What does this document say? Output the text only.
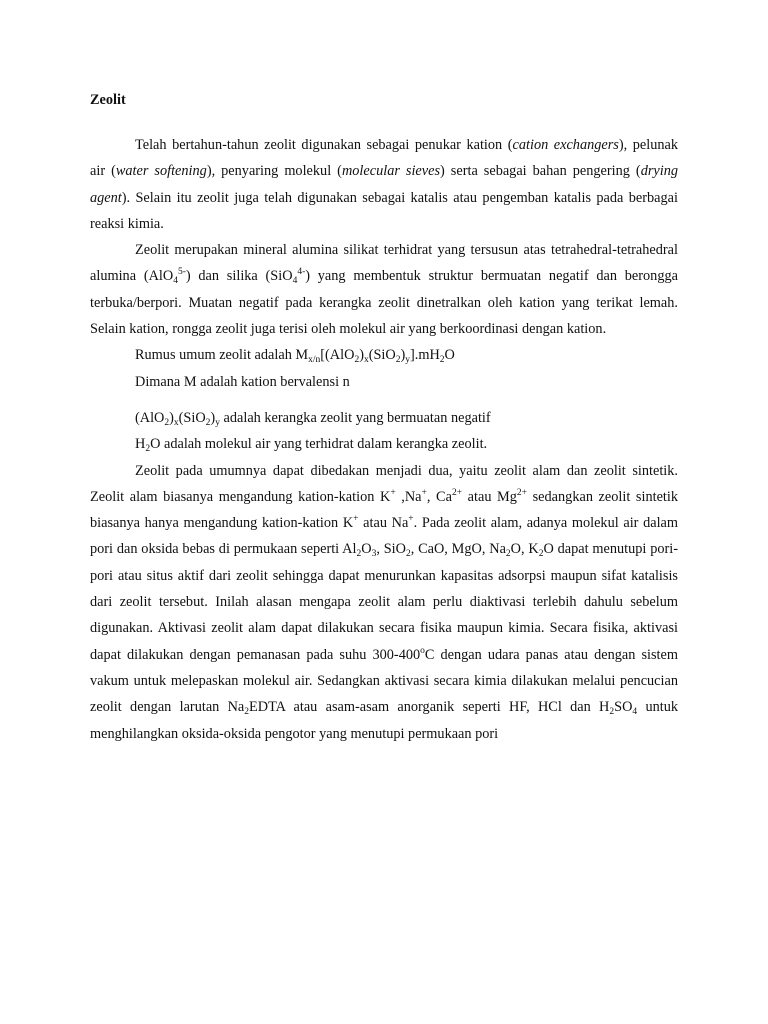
Zeolit

Telah bertahun-tahun zeolit digunakan sebagai penukar kation (cation exchangers), pelunak air (water softening), penyaring molekul (molecular sieves) serta sebagai bahan pengering (drying agent). Selain itu zeolit juga telah digunakan sebagai katalis atau pengemban katalis pada berbagai reaksi kimia.

Zeolit merupakan mineral alumina silikat terhidrat yang tersusun atas tetrahedral-tetrahedral alumina (AlO$_4^{5-}$) dan silika (SiO$_4^{4-}$) yang membentuk struktur bermuatan negatif dan berongga terbuka/berpori. Muatan negatif pada kerangka zeolit dinetralkan oleh kation yang terikat lemah. Selain kation, rongga zeolit juga terisi oleh molekul air yang berkoordinasi dengan kation.

Rumus umum zeolit adalah $M_{x/n}[(AlO_2)_x(SiO_2)_y].mH_2O$

Dimana M adalah kation bervalensi n

$(AlO_2)_x(SiO_2)_y$ adalah kerangka zeolit yang bermuatan negatif

$H_2O$ adalah molekul air yang terhidrat dalam kerangka zeolit.

Zeolit pada umumnya dapat dibedakan menjadi dua, yaitu zeolit alam dan zeolit sintetik. Zeolit alam biasanya mengandung kation-kation K+ ,Na+, $Ca^{2+}$ atau $Mg^{2+}$ sedangkan zeolit sintetik biasanya hanya mengandung kation-kation K+ atau Na+. Pada zeolit alam, adanya molekul air dalam pori dan oksida bebas di permukaan seperti $Al_2O_3$, SiO$_2$, CaO, MgO, $Na_2O$, $K_2O$ dapat menutupi pori-pori atau situs aktif dari zeolit sehingga dapat menurunkan kapasitas adsorpsi maupun sifat katalisis dari zeolit tersebut. Inilah alasan mengapa zeolit alam perlu diaktivasi terlebih dahulu sebelum digunakan. Aktivasi zeolit alam dapat dilakukan secara fisika maupun kimia. Secara fisika, aktivasi dapat dilakukan dengan pemanasan pada suhu 300-400$^o$C dengan udara panas atau dengan sistem vakum untuk melepaskan molekul air. Sedangkan aktivasi secara kimia dilakukan melalui pencucian zeolit dengan larutan $Na_2EDTA$ atau asam-asam anorganik seperti HF, HCl dan $H_2SO_4$ untuk menghilangkan oksida-oksida pengotor yang menutupi permukaan pori
